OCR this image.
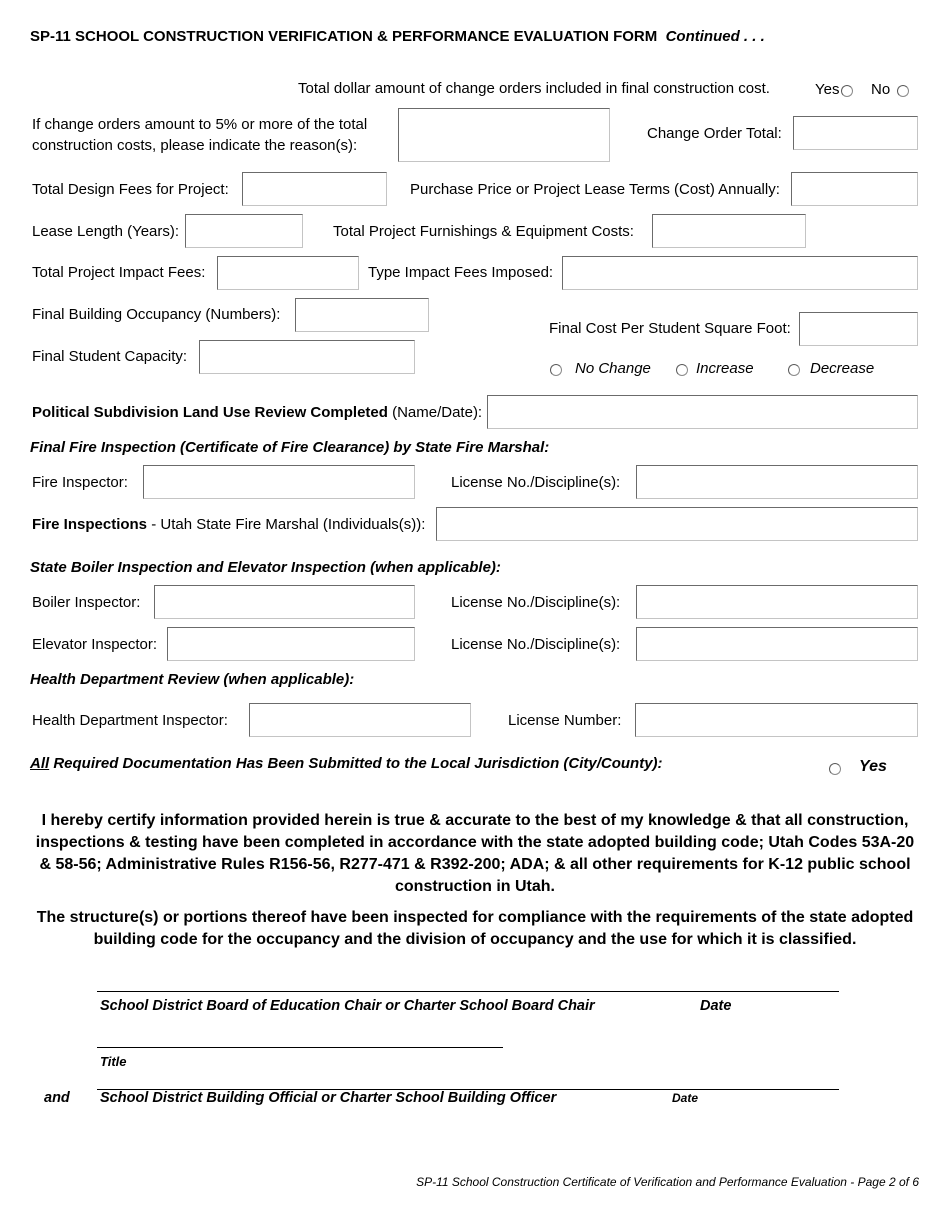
SP-11 SCHOOL CONSTRUCTION VERIFICATION & PERFORMANCE EVALUATION FORM Continued . . .
Total dollar amount of change orders included in final construction cost.	Yes No
If change orders amount to 5% or more of the total
construction costs, please indicate the reason(s):
Change Order Total:
Total Design Fees for Project:	Purchase Price or Project Lease Terms (Cost) Annually:
Lease Length (Years):	Total Project Furnishings & Equipment Costs:
Total Project Impact Fees:	Type Impact Fees Imposed:
Final Building Occupancy (Numbers):
Final Student Capacity:
Final Cost Per Student Square Foot:
No Change	Increase	Decrease
Political Subdivision Land Use Review Completed (Name/Date):
Final Fire Inspection (Certificate of Fire Clearance) by State Fire Marshal:
Fire Inspector:	License No./Discipline(s):
Fire Inspections - Utah State Fire Marshal (Individuals(s)):
State Boiler Inspection and Elevator Inspection (when applicable):
Boiler Inspector:	License No./Discipline(s):
Elevator Inspector:	License No./Discipline(s):
Health Department Review (when applicable):
Health Department Inspector:	License Number:
All Required Documentation Has Been Submitted to the Local Jurisdiction (City/County):	Yes
I hereby certify information provided herein is true & accurate to the best of my knowledge & that all construction, inspections & testing have been completed in accordance with the state adopted building code; Utah Codes 53A-20 & 58-56; Administrative Rules R156-56, R277-471 & R392-200; ADA; & all other requirements for K-12 public school construction in Utah.
The structure(s) or portions thereof have been inspected for compliance with the requirements of the state adopted building code for the occupancy and the division of occupancy and the use for which it is classified.
School District Board of Education Chair or Charter School Board Chair	Date
Title
and School District Building Official or Charter School Building Officer	Date
SP-11 School Construction Certificate of Verification and Performance Evaluation - Page 2 of 6
